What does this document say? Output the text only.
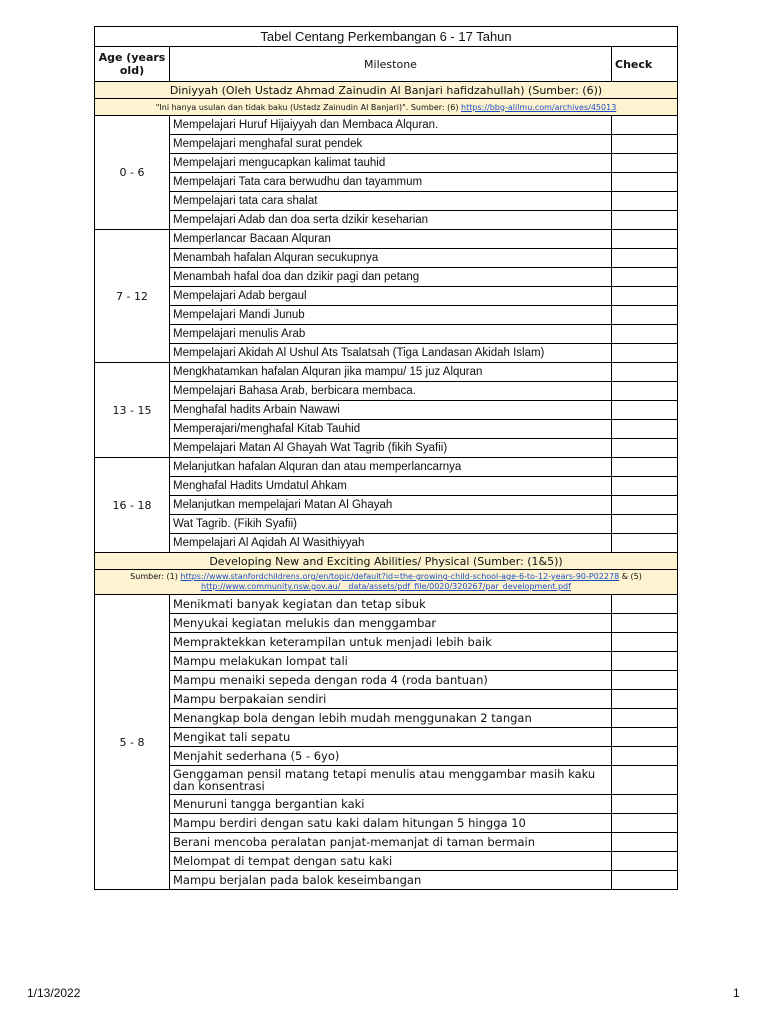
Tabel Centang Perkembangan 6 - 17 Tahun		
Age (years old)	Milestone	Check
Diniyyah (Oleh Ustadz Ahmad Zainudin Al Banjari hafidzahullah) (Sumber: (6))		
"Ini hanya usulan dan tidak baku (Ustadz Zainudin Al Banjari)". Sumber: (6) https://bbg-alilmu.com/archives/45013		
0 - 6	Mempelajari Huruf Hijaiyyah dan Membaca Alquran.	
	Mempelajari menghafal surat pendek	
	Mempelajari mengucapkan kalimat tauhid	
	Mempelajari Tata cara berwudhu dan tayammum	
	Mempelajari tata cara shalat	
	Mempelajari Adab dan doa serta dzikir keseharian	
7 - 12	Memperlancar Bacaan Alquran	
	Menambah hafalan Alquran secukupnya	
	Menambah hafal doa dan dzikir pagi dan petang	
	Mempelajari Adab bergaul	
	Mempelajari Mandi Junub	
	Mempelajari menulis Arab	
	Mempelajari Akidah Al Ushul Ats Tsalatsah (Tiga Landasan Akidah Islam)	
13 - 15	Mengkhatamkan hafalan Alquran jika mampu/ 15 juz Alquran	
	Mempelajari Bahasa Arab, berbicara membaca.	
	Menghafal hadits Arbain Nawawi	
	Memperajari/menghafal Kitab Tauhid	
	Mempelajari Matan Al Ghayah Wat Tagrib (fikih Syafii)	
16 - 18	Melanjutkan hafalan Alquran dan atau memperlancarnya	
	Menghafal Hadits Umdatul Ahkam	
	Melanjutkan mempelajari Matan Al Ghayah	
	Wat Tagrib. (Fikih Syafii)	
	Mempelajari Al Aqidah Al Wasithiyyah	
Developing New and Exciting Abilities/ Physical (Sumber: (1&5))		
Sumber: (1) https://www.stanfordchildrens.org/en/topic/default?id=the-growing-child-school-age-6-to-12-years-90-P02278 & (5) http://www.community.nsw.gov.au/__data/assets/pdf_file/0020/320267/par_development.pdf		
5 - 8	Menikmati banyak kegiatan dan tetap sibuk	
	Menyukai kegiatan melukis dan menggambar	
	Mempraktekkan keterampilan untuk menjadi lebih baik	
	Mampu melakukan lompat tali	
	Mampu menaiki sepeda dengan roda 4 (roda bantuan)	
	Mampu berpakaian sendiri	
	Menangkap bola dengan lebih mudah menggunakan 2 tangan	
	Mengikat tali sepatu	
	Menjahit sederhana (5 - 6yo)	
	Genggaman pensil matang tetapi menulis atau menggambar masih kaku dan konsentrasi	
	Menuruni tangga bergantian kaki	
	Mampu berdiri dengan satu kaki dalam hitungan 5 hingga 10	
	Berani mencoba peralatan panjat-memanjat di taman bermain	
	Melompat di tempat dengan satu kaki	
	Mampu berjalan pada balok keseimbangan	
1/13/2022	1
